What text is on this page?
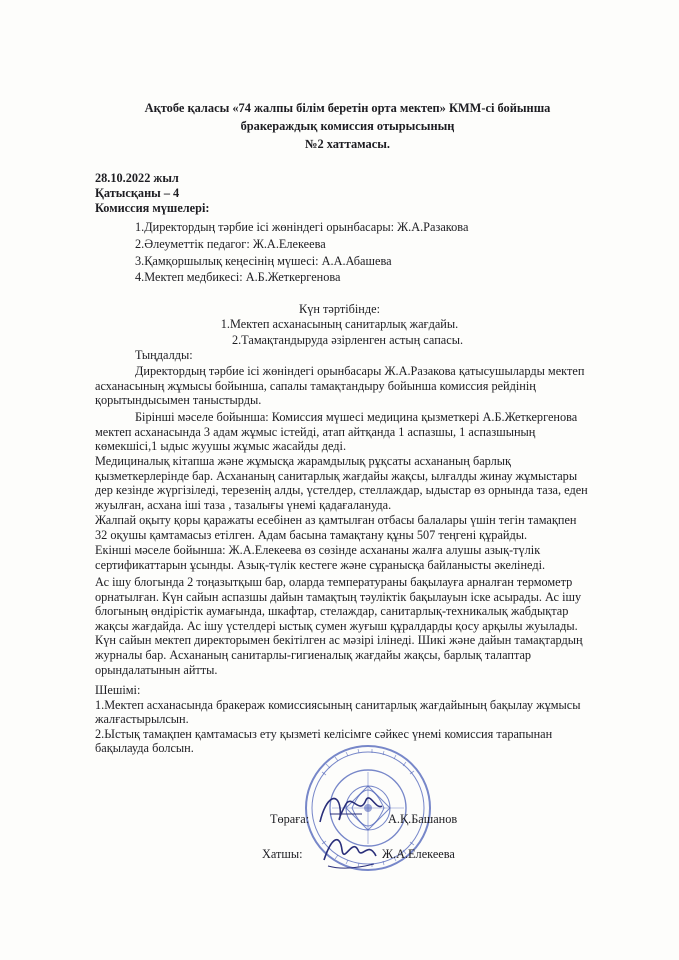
Ақтобе қаласы «74 жалпы білім беретін орта мектеп» КММ-сі бойынша
бракераждық комиссия отырысының
№2 хаттамасы.
28.10.2022 жыл
Қатысқаны – 4
Комиссия мүшелері:
1.Директордың тәрбие ісі жөніндегі орынбасары: Ж.А.Разакова
2.Әлеуметтік педагог: Ж.А.Елекеева
3.Қамқоршылық кеңесінің мүшесі: А.А.Абашева
4.Мектеп медбикесі: А.Б.Жеткергенова
Күн тәртібінде:
1.Мектеп асханасының санитарлық жағдайы.
2.Тамақтандыруда әзірленген астың сапасы.
Тыңдалды:
Директордың тәрбие ісі жөніндегі орынбасары Ж.А.Разакова қатысушыларды мектеп
асханасының жұмысы бойынша, сапалы тамақтандыру бойынша комиссия рейдінің
қорытындысымен таныстырды.
Бірінші мәселе бойынша: Комиссия мүшесі медицина қызметкері А.Б.Жеткергенова
мектеп асханасында 3 адам жұмыс істейді, атап айтқанда 1 аспазшы, 1 аспазшының
көмекшісі,1 ыдыс жуушы жұмыс жасайды деді.
Медициналық кітапша және жұмысқа жарамдылық рұқсаты асхананың барлық
қызметкерлерінде бар. Асхананың санитарлық жағдайы жақсы, ылғалды жинау жұмыстары
дер кезінде жүргізіледі, терезенің алды, үстелдер, стеллаждар, ыдыстар өз орнында таза, еден
жуылған, асхана іші таза , тазалығы үнемі қадағалануда.
Жалпай оқыту қоры қаражаты есебінен аз қамтылған отбасы балалары үшін тегін тамақпен
32 оқушы қамтамасыз етілген. Адам басына тамақтану құны 507 теңгені құрайды.
Екінші мәселе бойынша: Ж.А.Елекеева өз сөзінде асхананы жалға алушы азық-түлік
сертификаттарын ұсынды. Азық-түлік кестеге және сұранысқа байланысты әкелінеді.
Ас ішу блогында 2 тоңазытқыш бар, оларда температураны бақылауға арналған термометр
орнатылған. Күн сайын аспазшы дайын тамақтың тәуліктік бақылауын іске асырады. Ас ішу
блогының өндірістік аумағында, шкафтар, стелаждар, санитарлық-техникалық жабдықтар
жақсы жағдайда. Ас ішу үстелдері ыстық сумен жуғыш құралдарды қосу арқылы жуылады.
Күн сайын мектеп директорымен бекітілген ас мәзірі ілінеді. Шикі және дайын тамақтардың
журналы бар. Асхананың санитарлы-гигиеналық жағдайы жақсы, барлық талаптар
орындалатынын айтты.
Шешімі:
1.Мектеп асханасында бракераж комиссиясының санитарлық жағдайының бақылау жұмысы
жалғастырылсын.
2.Ыстық тамақпен қамтамасыз ету қызметі келісімге сәйкес үнемі комиссия тарапынан
бақылауда болсын.
Төраға:	А.Қ.Башанов
Хатшы:	Ж.А.Елекеева
